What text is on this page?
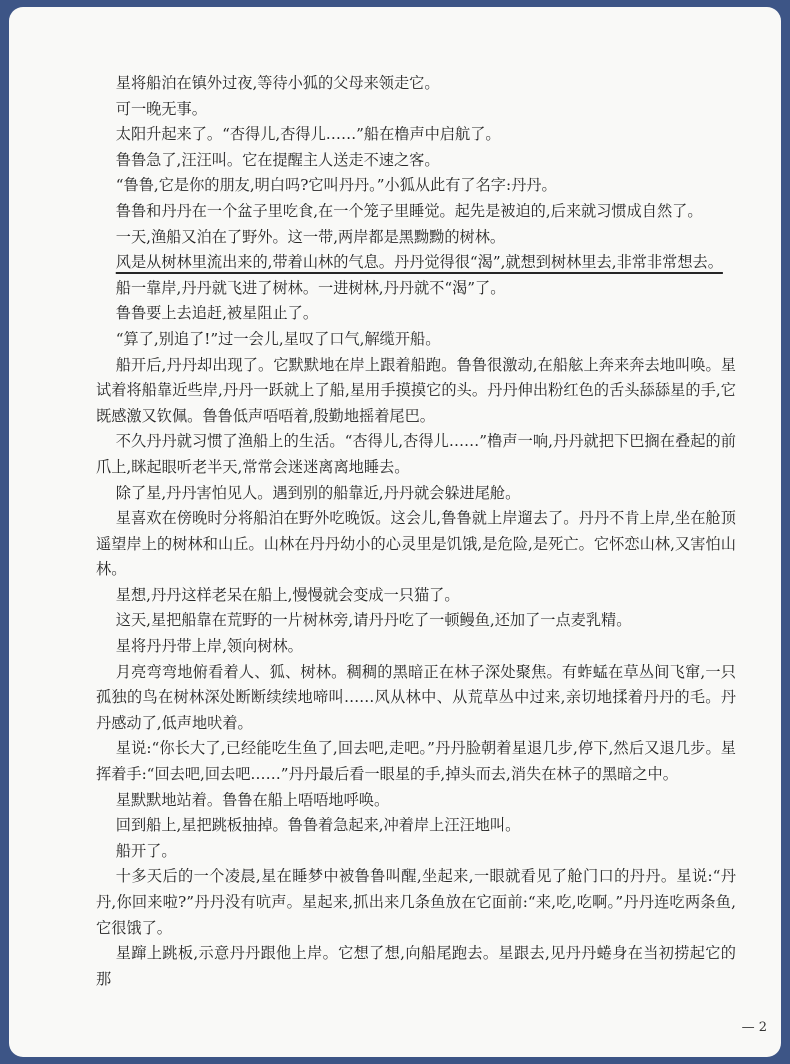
星将船泊在镇外过夜,等待小狐的父母来领走它。

可一晚无事。

太阳升起来了。“杏得儿,杏得儿……”船在橹声中启航了。

鲁鲁急了,汪汪叫。它在提醒主人送走不速之客。

“鲁鲁,它是你的朋友,明白吗?它叫丹丹。”小狐从此有了名字:丹丹。

鲁鲁和丹丹在一个盆子里吃食,在一个笼子里睡觉。起先是被迫的,后来就习惯成自然了。

一天,渔船又泊在了野外。这一带,两岸都是黑黝黝的树林。

风是从树林里流出来的,带着山林的气息。丹丹觉得很“渴”,就想到树林里去,非常非常想去。

船一靠岸,丹丹就飞进了树林。一进树林,丹丹就不“渴”了。

鲁鲁要上去追赶,被星阻止了。

“算了,别追了!”过一会儿,星叹了口气,解缆开船。

船开后,丹丹却出现了。它默默地在岸上跟着船跑。鲁鲁很激动,在船舷上奔来奔去地叫唤。星试着将船靠近些岸,丹丹一跃就上了船,星用手摸摸它的头。丹丹伸出粉红色的舌头舔舔星的手,它既感激又钦佩。鲁鲁低声唔唔着,殷勤地摇着尾巴。

不久丹丹就习惯了渔船上的生活。“杏得儿,杏得儿……”橹声一响,丹丹就把下巴搁在叠起的前爪上,眯起眼听老半天,常常会迷迷离离地睡去。

除了星,丹丹害怕见人。遇到别的船靠近,丹丹就会躲进尾舱。

星喜欢在傍晚时分将船泊在野外吃晚饭。这会儿,鲁鲁就上岸遛去了。丹丹不肯上岸,坐在舱顶遥望岸上的树林和山丘。山林在丹丹幼小的心灵里是饥饿,是危险,是死亡。它怀恋山林,又害怕山林。

星想,丹丹这样老呆在船上,慢慢就会变成一只猫了。

这天,星把船靠在荒野的一片树林旁,请丹丹吃了一顿鳗鱼,还加了一点麦乳精。

星将丹丹带上岸,领向树林。

月亮弯弯地俯看着人、狐、树林。稠稠的黑暗正在林子深处聚焦。有蚱蜢在草丛间飞窜,一只孤独的鸟在树林深处断断续续地啼叫……风从林中、从荒草丛中过来,亲切地揉着丹丹的毛。丹丹感动了,低声地吠着。

星说:“你长大了,已经能吃生鱼了,回去吧,走吧。”丹丹脸朝着星退几步,停下,然后又退几步。星挥着手:“回去吧,回去吧……”丹丹最后看一眼星的手,掉头而去,消失在林子的黑暗之中。

星默默地站着。鲁鲁在船上唔唔地呼唤。

回到船上,星把跳板抽掉。鲁鲁着急起来,冲着岸上汪汪地叫。

船开了。

十多天后的一个凌晨,星在睡梦中被鲁鲁叫醒,坐起来,一眼就看见了舱门口的丹丹。星说:“丹丹,你回来啦?”丹丹没有吭声。星起来,抓出来几条鱼放在它面前:“来,吃,吃啊。”丹丹连吃两条鱼,它很饿了。

星蹿上跳板,示意丹丹跟他上岸。它想了想,向船尾跑去。星跟去,见丹丹蜷身在当初捞起它的那

— 2
